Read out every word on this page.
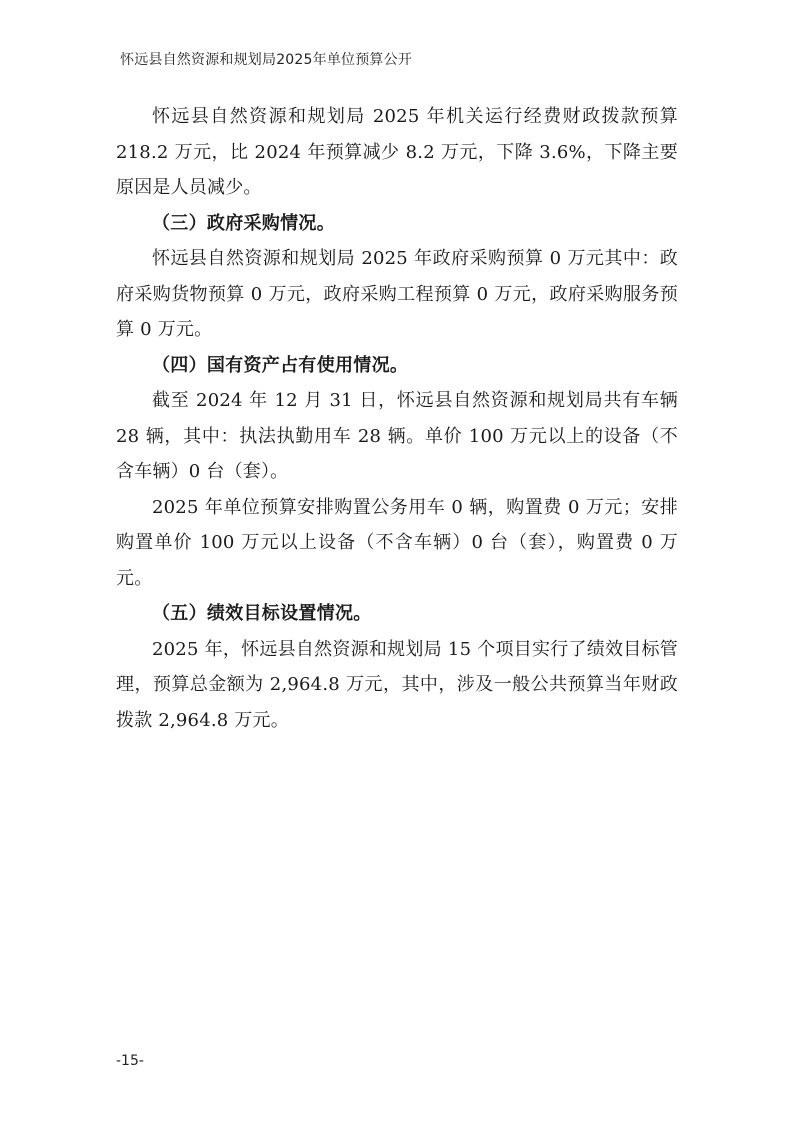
怀远县自然资源和规划局2025年单位预算公开

怀远县自然资源和规划局 2025 年机关运行经费财政拨款预算 218.2 万元，比 2024 年预算减少 8.2 万元，下降 3.6%，下降主要原因是人员减少。

（三）政府采购情况。

怀远县自然资源和规划局 2025 年政府采购预算 0 万元其中：政府采购货物预算 0 万元，政府采购工程预算 0 万元，政府采购服务预算 0 万元。

（四）国有资产占有使用情况。

截至 2024 年 12 月 31 日，怀远县自然资源和规划局共有车辆 28 辆，其中：执法执勤用车 28 辆。单价 100 万元以上的设备（不含车辆）0 台（套）。

2025 年单位预算安排购置公务用车 0 辆，购置费 0 万元；安排购置单价 100 万元以上设备（不含车辆）0 台（套），购置费 0 万元。

（五）绩效目标设置情况。

2025 年，怀远县自然资源和规划局 15 个项目实行了绩效目标管理，预算总金额为 2,964.8 万元，其中，涉及一般公共预算当年财政拨款 2,964.8 万元。

-15-
